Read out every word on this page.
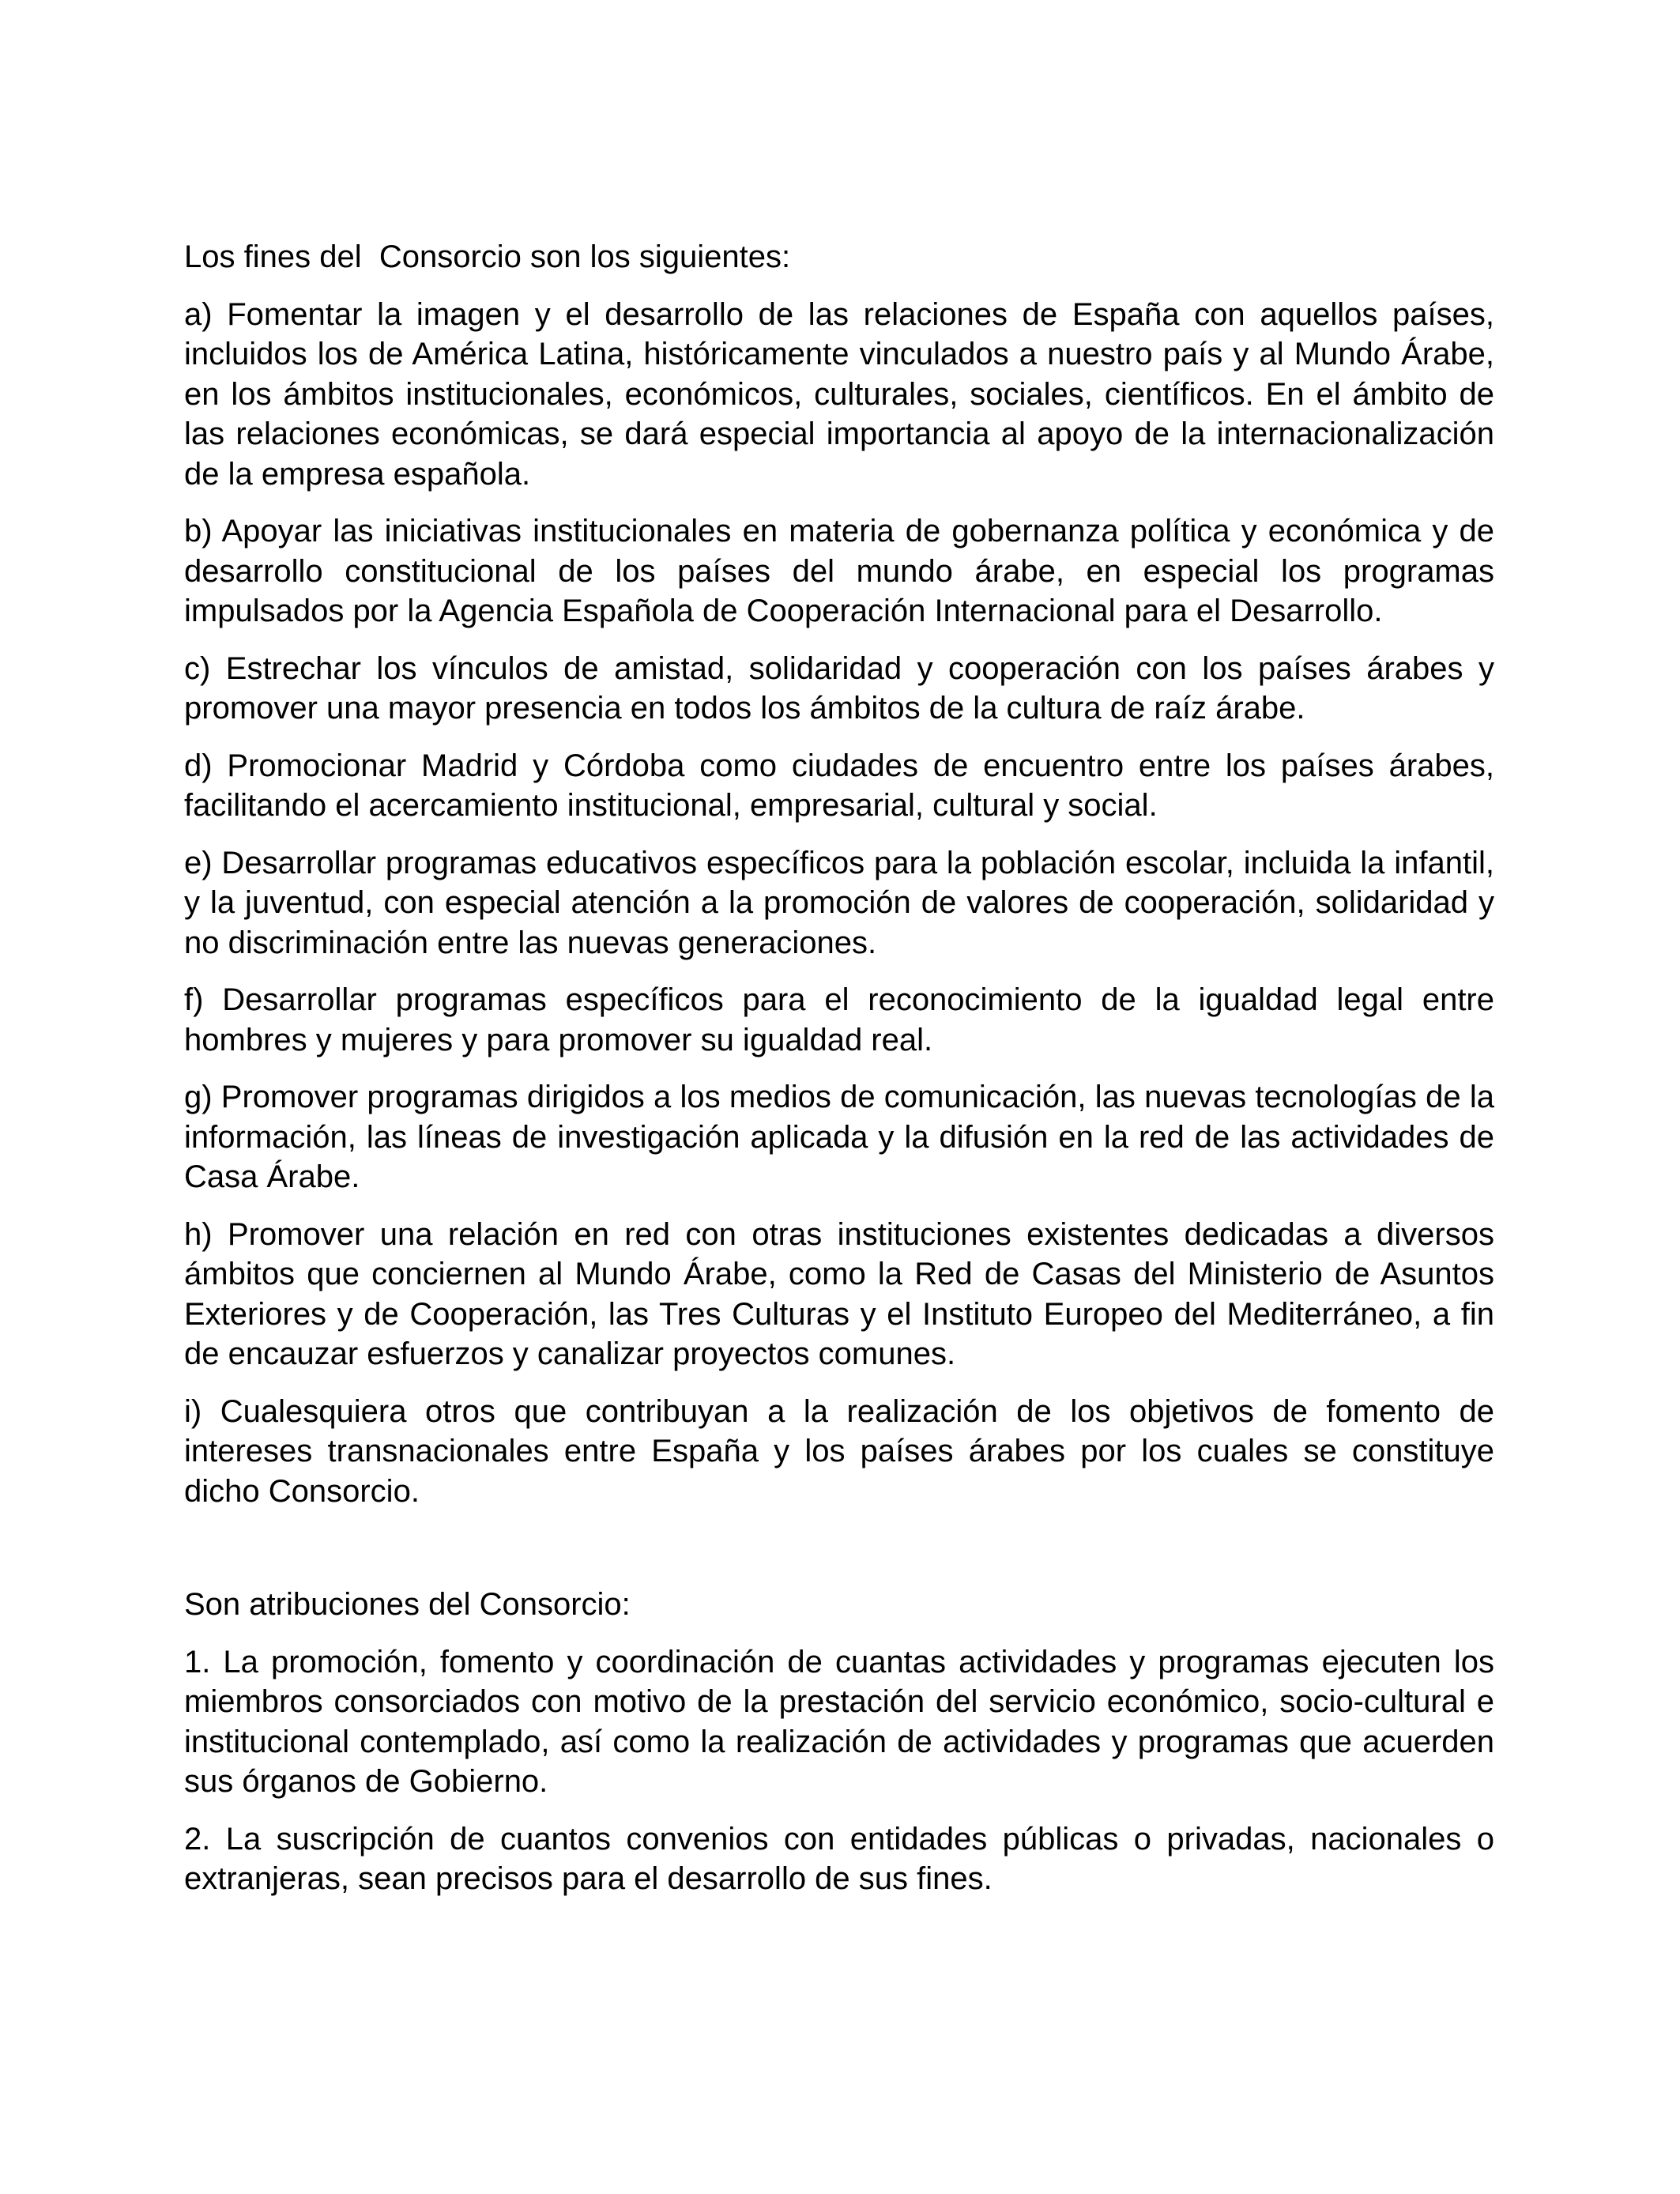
Los fines del  Consorcio son los siguientes:

a) Fomentar la imagen y el desarrollo de las relaciones de España con aquellos países, incluidos los de América Latina, históricamente vinculados a nuestro país y al Mundo Árabe, en los ámbitos institucionales, económicos, culturales, sociales, científicos. En el ámbito de las relaciones económicas, se dará especial importancia al apoyo de la internacionalización de la empresa española.

b) Apoyar las iniciativas institucionales en materia de gobernanza política y económica y de desarrollo constitucional de los países del mundo árabe, en especial los programas impulsados por la Agencia Española de Cooperación Internacional para el Desarrollo.

c) Estrechar los vínculos de amistad, solidaridad y cooperación con los países árabes y promover una mayor presencia en todos los ámbitos de la cultura de raíz árabe.

d) Promocionar Madrid y Córdoba como ciudades de encuentro entre los países árabes, facilitando el acercamiento institucional, empresarial, cultural y social.

e) Desarrollar programas educativos específicos para la población escolar, incluida la infantil, y la juventud, con especial atención a la promoción de valores de cooperación, solidaridad y no discriminación entre las nuevas generaciones.

f) Desarrollar programas específicos para el reconocimiento de la igualdad legal entre hombres y mujeres y para promover su igualdad real.

g) Promover programas dirigidos a los medios de comunicación, las nuevas tecnologías de la información, las líneas de investigación aplicada y la difusión en la red de las actividades de Casa Árabe.

h) Promover una relación en red con otras instituciones existentes dedicadas a diversos ámbitos que conciernen al Mundo Árabe, como la Red de Casas del Ministerio de Asuntos Exteriores y de Cooperación, las Tres Culturas y el Instituto Europeo del Mediterráneo, a fin de encauzar esfuerzos y canalizar proyectos comunes.

i) Cualesquiera otros que contribuyan a la realización de los objetivos de fomento de intereses transnacionales entre España y los países árabes por los cuales se constituye dicho Consorcio.

Son atribuciones del Consorcio:

1. La promoción, fomento y coordinación de cuantas actividades y programas ejecuten los miembros consorciados con motivo de la prestación del servicio económico, socio-cultural e institucional contemplado, así como la realización de actividades y programas que acuerden sus órganos de Gobierno.

2. La suscripción de cuantos convenios con entidades públicas o privadas, nacionales o extranjeras, sean precisos para el desarrollo de sus fines.
